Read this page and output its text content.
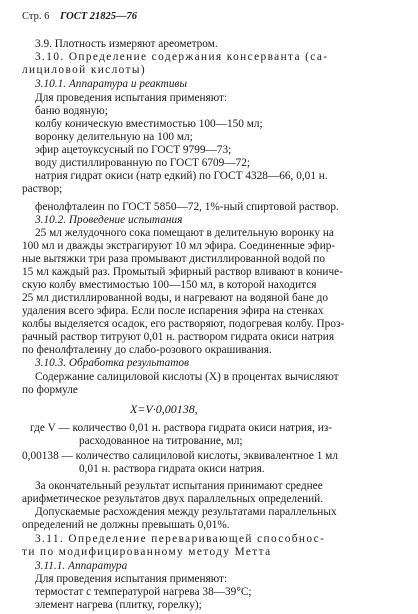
Стр. 6 ГОСТ 21825—76
3.9. Плотность измеряют ареометром.
3.10. Определение содержания консерванта (са-
лициловой кислоты)
3.10.1. Аппаратура и реактивы
Для проведения испытания применяют:
баню водяную;
колбу коническую вместимостью 100—150 мл;
воронку делительную на 100 мл;
эфир ацетоуксусный по ГОСТ 9799—73;
воду дистиллированную по ГОСТ 6709—72;
натрия гидрат окиси (натр едкий) по ГОСТ 4328—66, 0,01 н.
раствор;
фенолфталеин по ГОСТ 5850—72, 1%-ный спиртовой раствор.
3.10.2. Проведение испытания
25 мл желудочного сока помещают в делительную воронку на
100 мл и дважды экстрагируют 10 мл эфира. Соединенные эфир-
ные вытяжки три раза промывают дистиллированной водой по
15 мл каждый раз. Промытый эфирный раствор вливают в кониче-
скую колбу вместимостью 100—150 мл, в которой находится
25 мл дистиллированной воды, и нагревают на водяной бане до
удаления всего эфира. Если после испарения эфира на стенках
колбы выделяется осадок, его растворяют, подогревая колбу. Проз-
рачный раствор титруют 0,01 н. раствором гидрата окиси натрия
по фенолфталеину до слабо-розового окрашивания.
3.10.3. Обработка результатов
Содержание салициловой кислоты (X) в процентах вычисляют
по формуле
X=V·0,00138,
где V — количество 0,01 н. раствора гидрата окиси натрия, из-
расходованное на титрование, мл;
0,00138 — количество салициловой кислоты, эквивалентное 1 мл
0,01 н. раствора гидрата окиси натрия.
За окончательный результат испытания принимают среднее
арифметическое результатов двух параллельных определений.
Допускаемые расхождения между результатами параллельных
определений не должны превышать 0,01%.
3.11. Определение переваривающей способнос-
ти по модифицированному методу Метта
3.11.1. Аппаратура
Для проведения испытания применяют:
термостат с температурой нагрева 38—39°С;
элемент нагрева (плитку, горелку);
